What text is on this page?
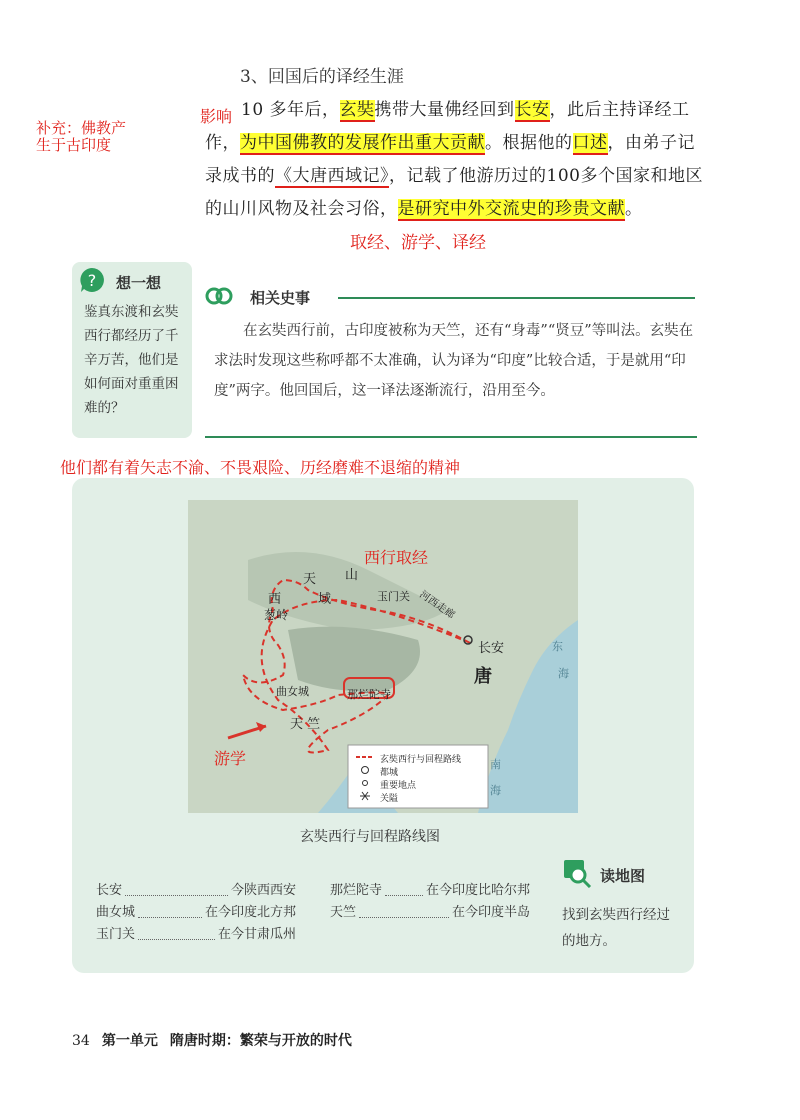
3、回国后的译经生涯
补充：佛教产生于古印度
影响 10 多年后，玄奘携带大量佛经回到长安，此后主持译经工作，为中国佛教的发展作出重大贡献。根据他的口述，由弟子记录成书的《大唐西域记》，记载了他游历过的100多个国家和地区的山川风物及社会习俗，是研究中外交流史的珍贵文献。
取经、游学、译经
? 想一想
鉴真东渡和玄奘西行都经历了千辛万苦，他们是如何面对重重困难的？
相关史事
在玄奘西行前，古印度被称为天竺，还有“身毒”“贤豆”等叫法。玄奘在求法时发现这些称呼都不太准确，认为译为“印度”比较合适，于是就用“印度”两字。他回国后，这一译法逐渐流行，沿用至今。
他们都有着矢志不渝、不畏艰险、历经磨难不退缩的精神
西行取经
天 山
西	域	玉门关 河西走廊
葱岭
长安
唐
曲女城	那烂陀寺
天 竺
东
海
南
海
游学	玄奘西行与回程路线
都城
重要地点
关隘
玄奘西行与回程路线图
长安	今陕西西安
曲女城	在今印度北方邦
玉门关	在今甘肃瓜州
那烂陀寺	在今印度比哈尔邦
天竺	在今印度半岛
读地图
找到玄奘西行经过的地方。
34 第一单元 隋唐时期：繁荣与开放的时代
